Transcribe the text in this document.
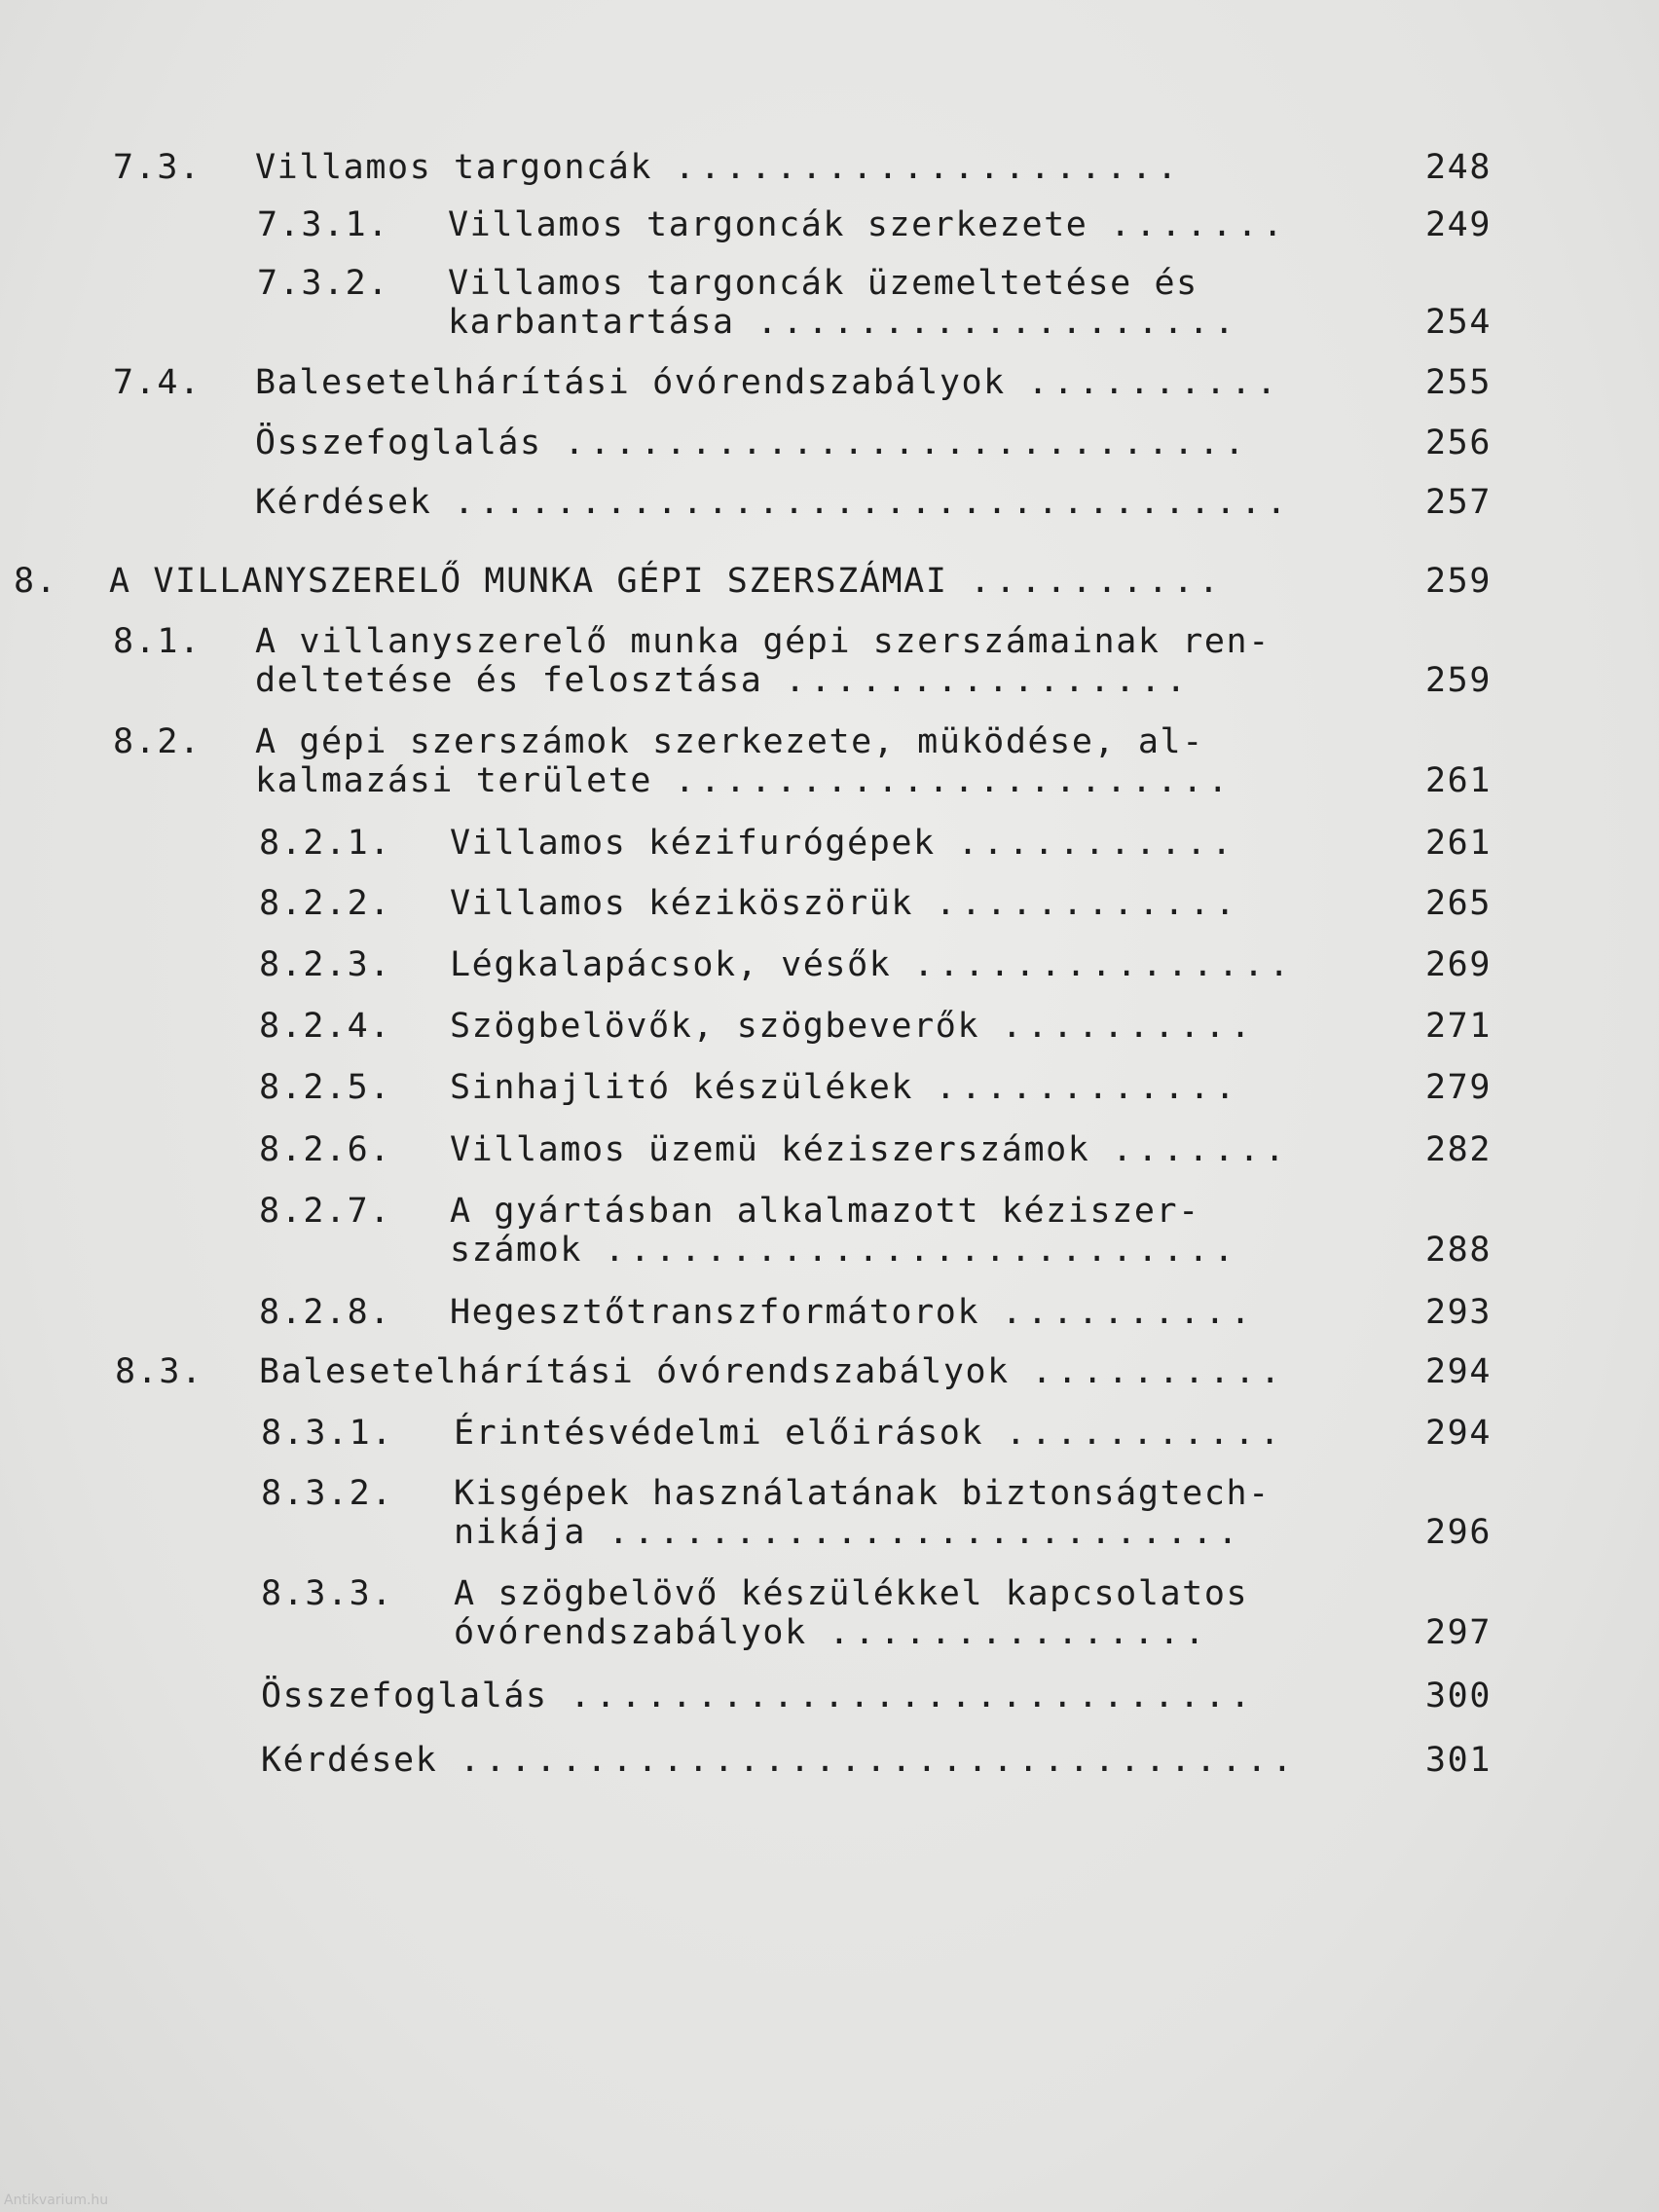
7.3. Villamos targoncák ....................	248
7.3.1. Villamos targoncák szerkezete .......	249
7.3.2. Villamos targoncák üzemeltetése és
karbantartása ...................	254
7.4. Balesetelhárítási óvórendszabályok ..........	255
Összefoglalás ...........................	256
Kérdések .................................	257
8. A VILLANYSZERELŐ MUNKA GÉPI SZERSZÁMAI ..........	259
8.1. A villanyszerelő munka gépi szerszámainak ren-
deltetése és felosztása ................	259
8.2. A gépi szerszámok szerkezete, müködése, al-
kalmazási területe ......................	261
8.2.1. Villamos kézifurógépek ...........	261
8.2.2. Villamos kéziköszörük ............	265
8.2.3. Légkalapácsok, vésők ...............	269
8.2.4. Szögbelövők, szögbeverők ..........	271
8.2.5. Sinhajlitó készülékek ............	279
8.2.6. Villamos üzemü kéziszerszámok .......	282
8.2.7. A gyártásban alkalmazott kéziszer-
számok .........................	288
8.2.8. Hegesztőtranszformátorok ..........	293
8.3. Balesetelhárítási óvórendszabályok ..........	294
8.3.1. Érintésvédelmi előirások ...........	294
8.3.2. Kisgépek használatának biztonságtech-
nikája .........................	296
8.3.3. A szögbelövő készülékkel kapcsolatos
óvórendszabályok ...............	297
Összefoglalás ...........................	300
Kérdések .................................	301
Antikvarium.hu
